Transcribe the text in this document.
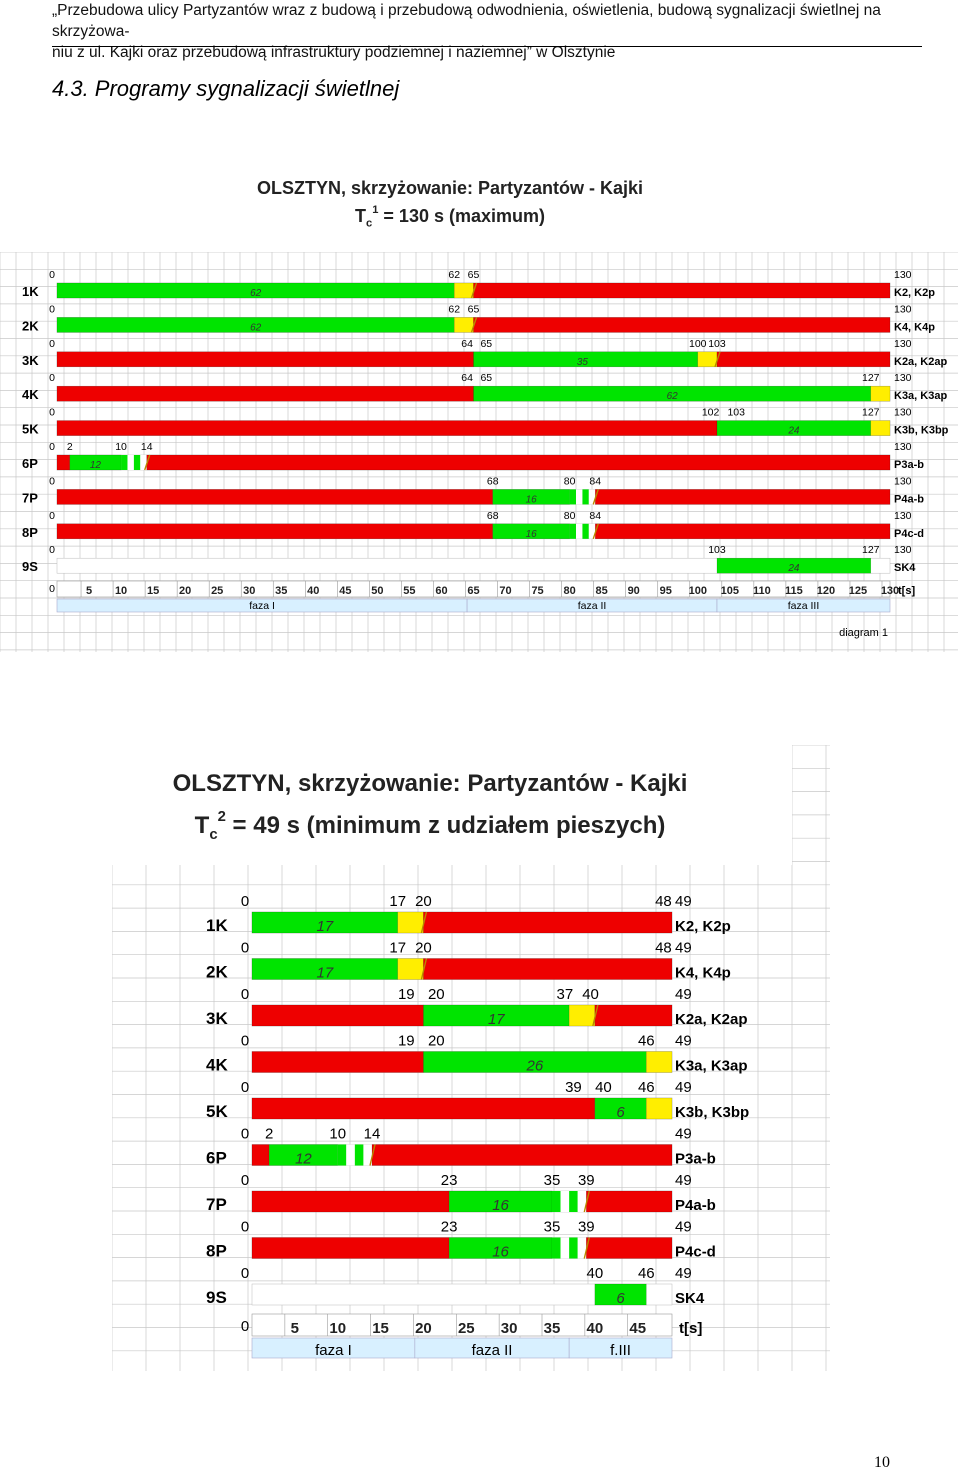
„Przebudowa ulicy Partyzantów wraz z budową i przebudową odwodnienia, oświetlenia, budową sygnalizacji świetlnej na skrzyżowa-
niu z ul. Kajki oraz przebudową infrastruktury podziemnej i naziemnej” w Olsztynie
4.3. Programy sygnalizacji świetlnej
OLSZTYN, skrzyżowanie: Partyzantów - Kajki
$T_c^1 = 130$ s (maximum)
0
1K
130
K2, K2p
62 65
62
0
2K
130
K4, K4p
62 65
62
0
3K
130
K2a, K2ap
64 65	100 103
35
0
4K
130
K3a, K3ap
64 65	127
62
0
5K
130
K3b, K3bp
102 103	127
24
0
6P
130
P3a-b
2	10 14
12
0
7P
130
P4a-b
68	80 84
16
0
8P
130
P4c-d
68	80 84
16
0
9S
130
SK4
103	127
24
0	5 10 15 20 25 30 35 40 45 50 55 60 65 70 75 80 85 90 95 100 105 110 115 120 125 130
t[s]
faza I	faza II	faza III
diagram 1
OLSZTYN, skrzyżowanie: Partyzantów - Kajki
$T_c^2 = 49$ s (minimum z udziałem pieszych)
0
1K
49
K2, K2p
17 20	48
17
0
2K
49
K4, K4p
17 20	48
17
0
3K
49
K2a, K2ap
19 20	37 40
17
0
4K
49
K3a, K3ap
19 20	46
26
0
5K
49
K3b, K3bp
39 40 46
6
0
6P
49
P3a-b
2	10 14
12
0
7P
49
P4a-b
23	35 39
16
0
8P
49
P4c-d
23	35 39
16
0
9S
49
SK4
40 46
6
0	5 10 15 20 25 30 35 40 45 t[s]
faza I	faza II	f.III
10
